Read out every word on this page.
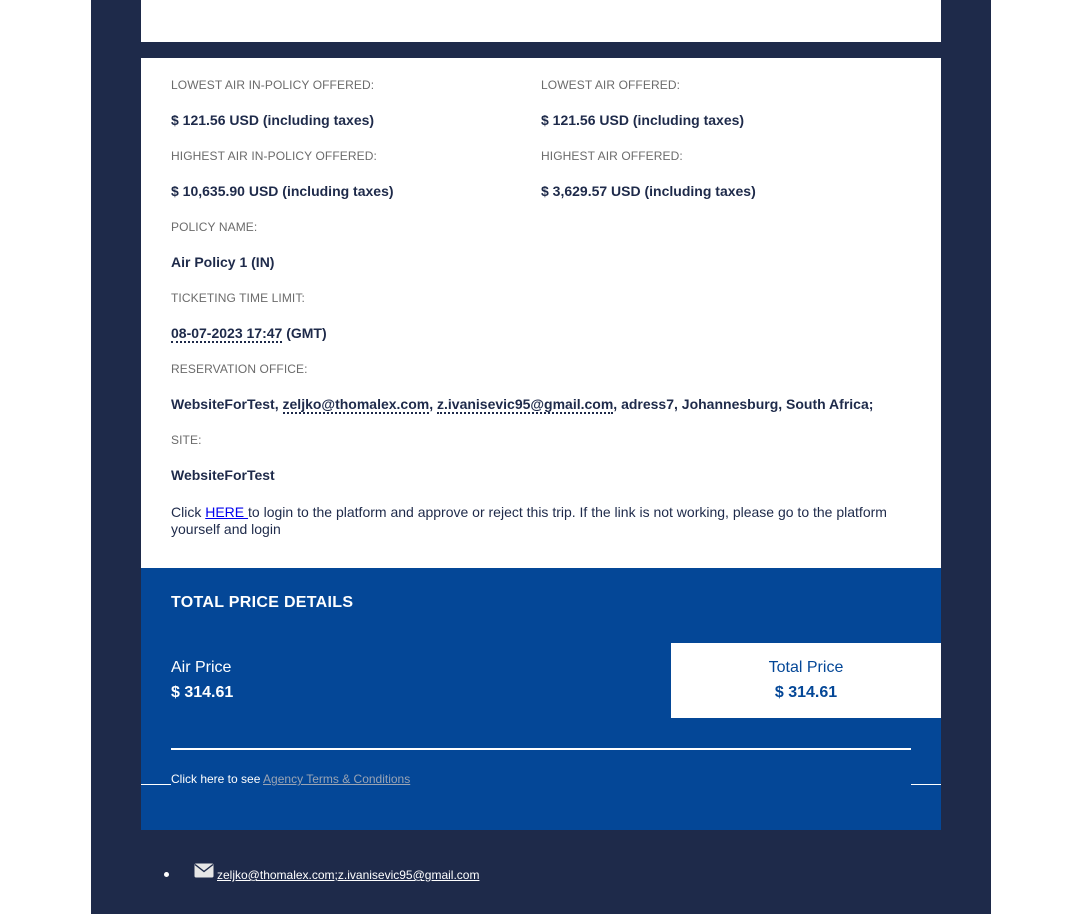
LOWEST AIR IN-POLICY OFFERED:
$ 121.56 USD (including taxes)
LOWEST AIR OFFERED:
$ 121.56 USD (including taxes)
HIGHEST AIR IN-POLICY OFFERED:
$ 10,635.90 USD (including taxes)
HIGHEST AIR OFFERED:
$ 3,629.57 USD (including taxes)
POLICY NAME:
Air Policy 1 (IN)
TICKETING TIME LIMIT:
08-07-2023 17:47 (GMT)
RESERVATION OFFICE:
WebsiteForTest, zeljko@thomalex.com, z.ivanisevic95@gmail.com, adress7, Johannesburg, South Africa;
SITE:
WebsiteForTest
Click HERE to login to the platform and approve or reject this trip. If the link is not working, please go to the platform yourself and login
TOTAL PRICE DETAILS
Air Price
$ 314.61
Total Price
$ 314.61
Click here to see Agency Terms & Conditions
zeljko@thomalex.com;z.ivanisevic95@gmail.com
